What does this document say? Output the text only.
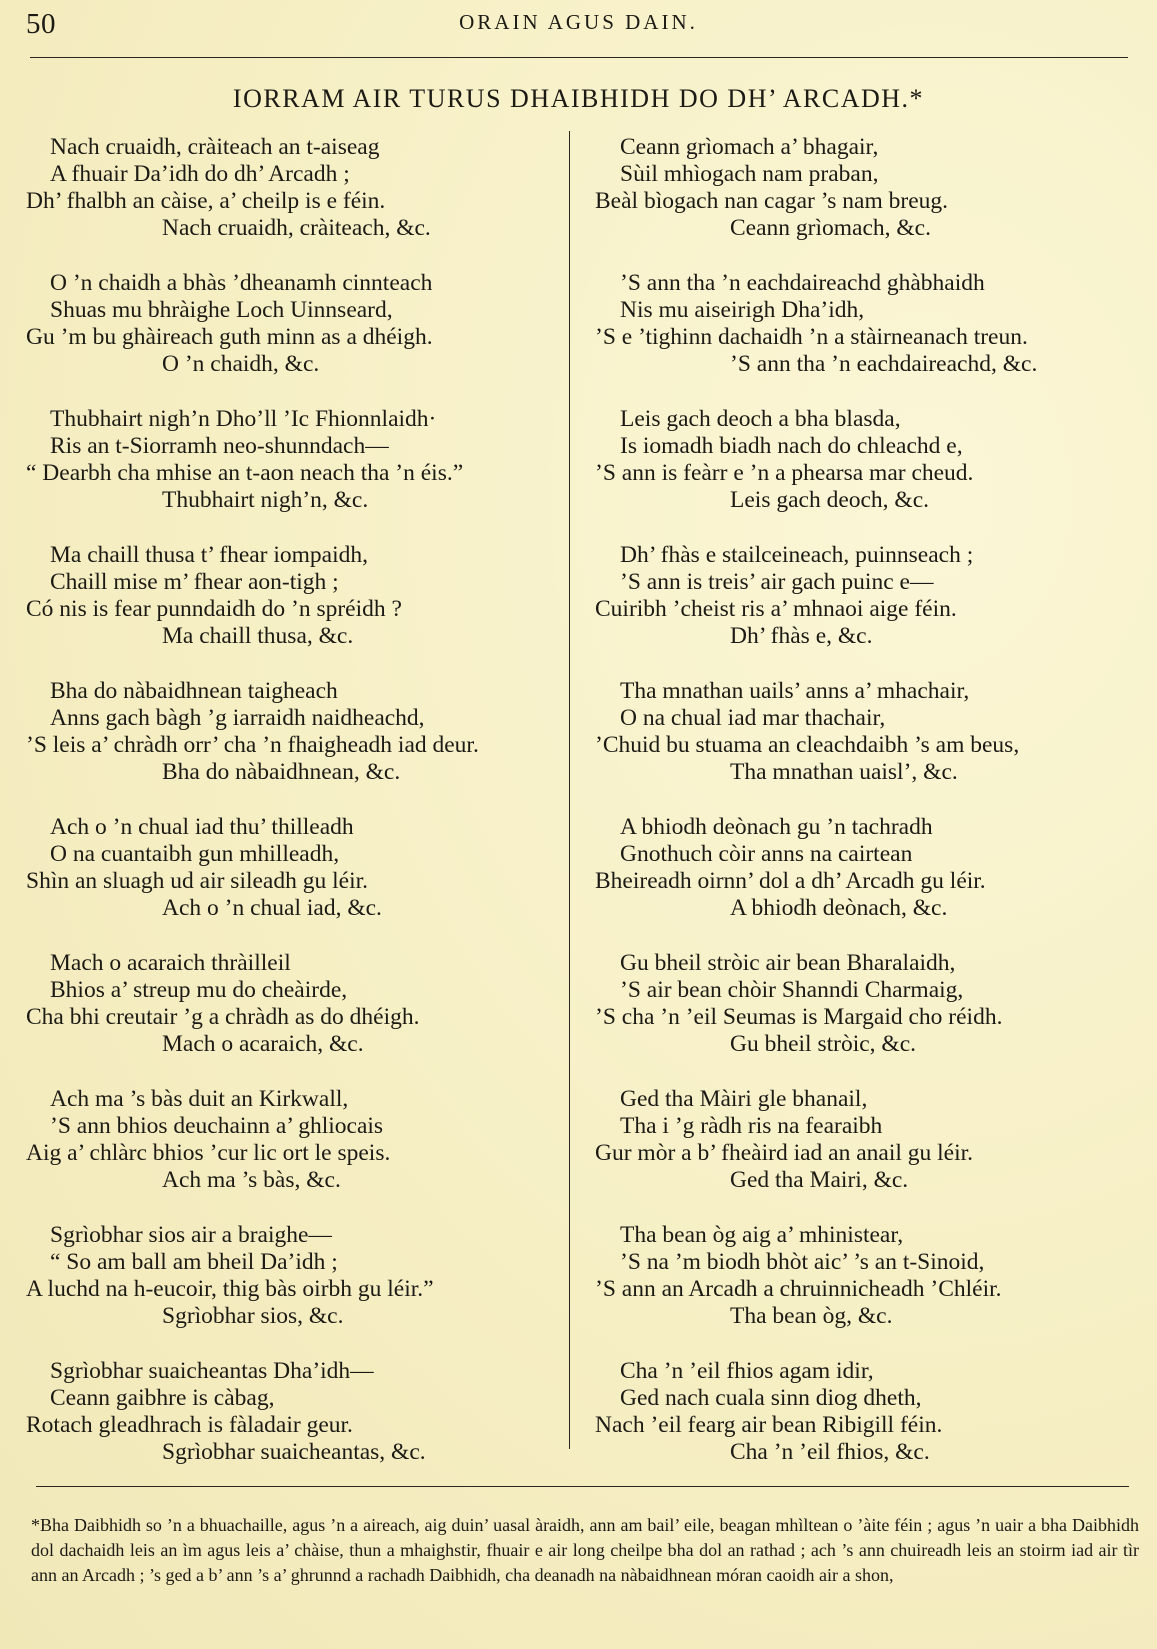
50	ORAIN AGUS DAIN.
IORRAM AIR TURUS DHAIBHIDH DO DH’ ARCADH.*
Nach cruaidh, cràiteach an t-aiseag
A fhuair Da’idh do dh’ Arcadh ;
Dh’ fhalbh an càise, a’ cheilp is e féin.
Nach cruaidh, cràiteach, &c.
O ’n chaidh a bhàs ’dheanamh cinnteach
Shuas mu bhràighe Loch Uinnseard,
Gu ’m bu ghàireach guth minn as a dhéigh.
O ’n chaidh, &c.
Thubhairt nigh’n Dho’ll ’Ic Fhionnlaidh·
Ris an t-Siorramh neo-shunndach—
“ Dearbh cha mhise an t-aon neach tha ’n éis.”
Thubhairt nigh’n, &c.
Ma chaill thusa t’ fhear iompaidh,
Chaill mise m’ fhear aon-tigh ;
Có nis is fear punndaidh do ’n spréidh ?
Ma chaill thusa, &c.
Bha do nàbaidhnean taigheach
Anns gach bàgh ’g iarraidh naidheachd,
’S leis a’ chràdh orr’ cha ’n fhaigheadh iad deur.
Bha do nàbaidhnean, &c.
Ach o ’n chual iad thu’ thilleadh
O na cuantaibh gun mhilleadh,
Shìn an sluagh ud air sileadh gu léir.
Ach o ’n chual iad, &c.
Mach o acaraich thràilleil
Bhios a’ streup mu do cheàirde,
Cha bhi creutair ’g a chràdh as do dhéigh.
Mach o acaraich, &c.
Ach ma ’s bàs duit an Kirkwall,
’S ann bhios deuchainn a’ ghliocais
Aig a’ chlàrc bhios ’cur lic ort le speis.
Ach ma ’s bàs, &c.
Sgrìobhar sios air a braighe—
“ So am ball am bheil Da’idh ;
A luchd na h-eucoir, thig bàs oirbh gu léir.”
Sgrìobhar sios, &c.
Sgrìobhar suaicheantas Dha’idh—
Ceann gaibhre is càbag,
Rotach gleadhrach is fàladair geur.
Sgrìobhar suaicheantas, &c.
Ceann grìomach a’ bhagair,
Sùil mhìogach nam praban,
Beàl bìogach nan cagar ’s nam breug.
Ceann grìomach, &c.
’S ann tha ’n eachdaireachd ghàbhaidh
Nis mu aiseirigh Dha’idh,
’S e ’tighinn dachaidh ’n a stàirneanach treun.
’S ann tha ’n eachdaireachd, &c.
Leis gach deoch a bha blasda,
Is iomadh biadh nach do chleachd e,
’S ann is feàrr e ’n a phearsa mar cheud.
Leis gach deoch, &c.
Dh’ fhàs e stailceineach, puinnseach ;
’S ann is treis’ air gach puinc e—
Cuiribh ’cheist ris a’ mhnaoi aige féin.
Dh’ fhàs e, &c.
Tha mnathan uails’ anns a’ mhachair,
O na chual iad mar thachair,
’Chuid bu stuama an cleachdaibh ’s am beus,
Tha mnathan uaisl’, &c.
A bhiodh deònach gu ’n tachradh
Gnothuch còir anns na cairtean
Bheireadh oirnn’ dol a dh’ Arcadh gu léir.
A bhiodh deònach, &c.
Gu bheil stròic air bean Bharalaidh,
’S air bean chòir Shanndi Charmaig,
’S cha ’n ’eil Seumas is Margaid cho réidh.
Gu bheil stròic, &c.
Ged tha Màiri gle bhanail,
Tha i ’g ràdh ris na fearaibh
Gur mòr a b’ fheàird iad an anail gu léir.
Ged tha Mairi, &c.
Tha bean òg aig a’ mhinistear,
’S na ’m biodh bhòt aic’ ’s an t-Sinoid,
’S ann an Arcadh a chruinnicheadh ’Chléir.
Tha bean òg, &c.
Cha ’n ’eil fhios agam idir,
Ged nach cuala sinn diog dheth,
Nach ’eil fearg air bean Ribigill féin.
Cha ’n ’eil fhios, &c.
*Bha Daibhidh so ’n a bhuachaille, agus ’n a aireach, aig duin’ uasal àraidh, ann am bail’ eile, beagan mhìltean o ’àite féin ; agus ’n uair a bha Daibhidh dol dachaidh leis an ìm agus leis a’ chàise, thun a mhaighstir, fhuair e air long cheilpe bha dol an rathad ; ach ’s ann chuireadh leis an stoirm iad air tìr ann an Arcadh ; ’s ged a b’ ann ’s a’ ghrunnd a rachadh Daibhidh, cha deanadh na nàbaidhnean móran caoidh air a shon,
